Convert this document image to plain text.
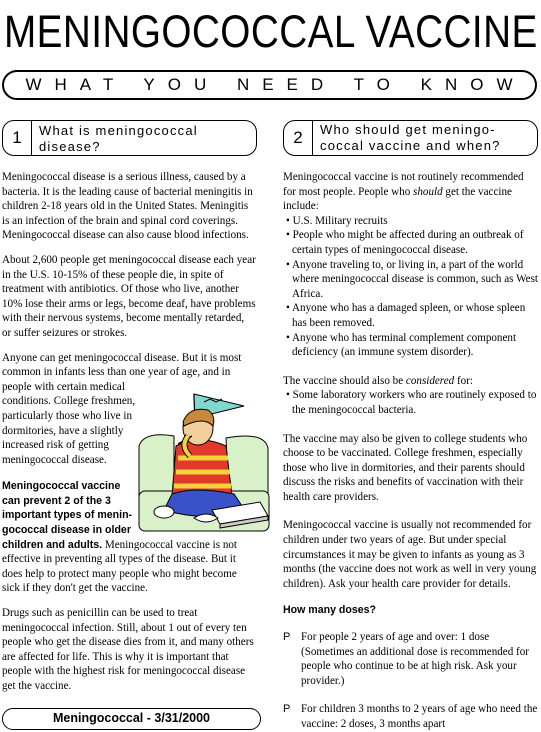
MENINGOCOCCAL VACCINE
WHAT YOU NEED TO KNOW
1	What is meningococcal
disease?	2	Who should get meningo-
coccal vaccine and when?

Meningococcal disease is a serious illness, caused by a bacteria. It is the leading cause of bacterial meningitis in children 2-18 years old in the United States. Meningitis is an infection of the brain and spinal cord coverings. Meningococcal disease can also cause blood infections.

About 2,600 people get meningococcal disease each year in the U.S. 10-15% of these people die, in spite of treatment with antibiotics. Of those who live, another 10% lose their arms or legs, become deaf, have problems with their nervous systems, become mentally retarded, or suffer seizures or strokes.

Anyone can get meningococcal disease. But it is most
common in infants less than one year of age, and in
people with certain medical
conditions. College freshmen,
particularly those who live in
dormitories, have a slightly
increased risk of getting
meningococcal disease.
Meningococcal vaccine
can prevent 2 of the 3
important types of menin-
gococcal disease in older
children and adults. Meningococcal vaccine is not effective in preventing all types of the disease. But it does help to protect many people who might become sick if they don't get the vaccine.

Drugs such as penicillin can be used to treat meningococcal infection. Still, about 1 out of every ten people who get the disease dies from it, and many others are affected for life. This is why it is important that people with the highest risk for meningococcal disease get the vaccine.

Meningococcal vaccine is not routinely recommended for most people. People who should get the vaccine include:
• U.S. Military recruits
• People who might be affected during an outbreak of certain types of meningococcal disease.
• Anyone traveling to, or living in, a part of the world where meningococcal disease is common, such as West Africa.
• Anyone who has a damaged spleen, or whose spleen has been removed.
• Anyone who has terminal complement component deficiency (an immune system disorder).
The vaccine should also be considered for:
• Some laboratory workers who are routinely exposed to the meningococcal bacteria.

The vaccine may also be given to college students who choose to be vaccinated. College freshmen, especially those who live in dormitories, and their parents should discuss the risks and benefits of vaccination with their health care providers.

Meningococcal vaccine is usually not recommended for children under two years of age. But under special circumstances it may be given to infants as young as 3 months (the vaccine does not work as well in very young children). Ask your health care provider for details.

How many doses?

P For people 2 years of age and over: 1 dose (Sometimes an additional dose is recommended for people who continue to be at high risk. Ask your provider.)
P For children 3 months to 2 years of age who need the vaccine: 2 doses, 3 months apart
Meningococcal - 3/31/2000
